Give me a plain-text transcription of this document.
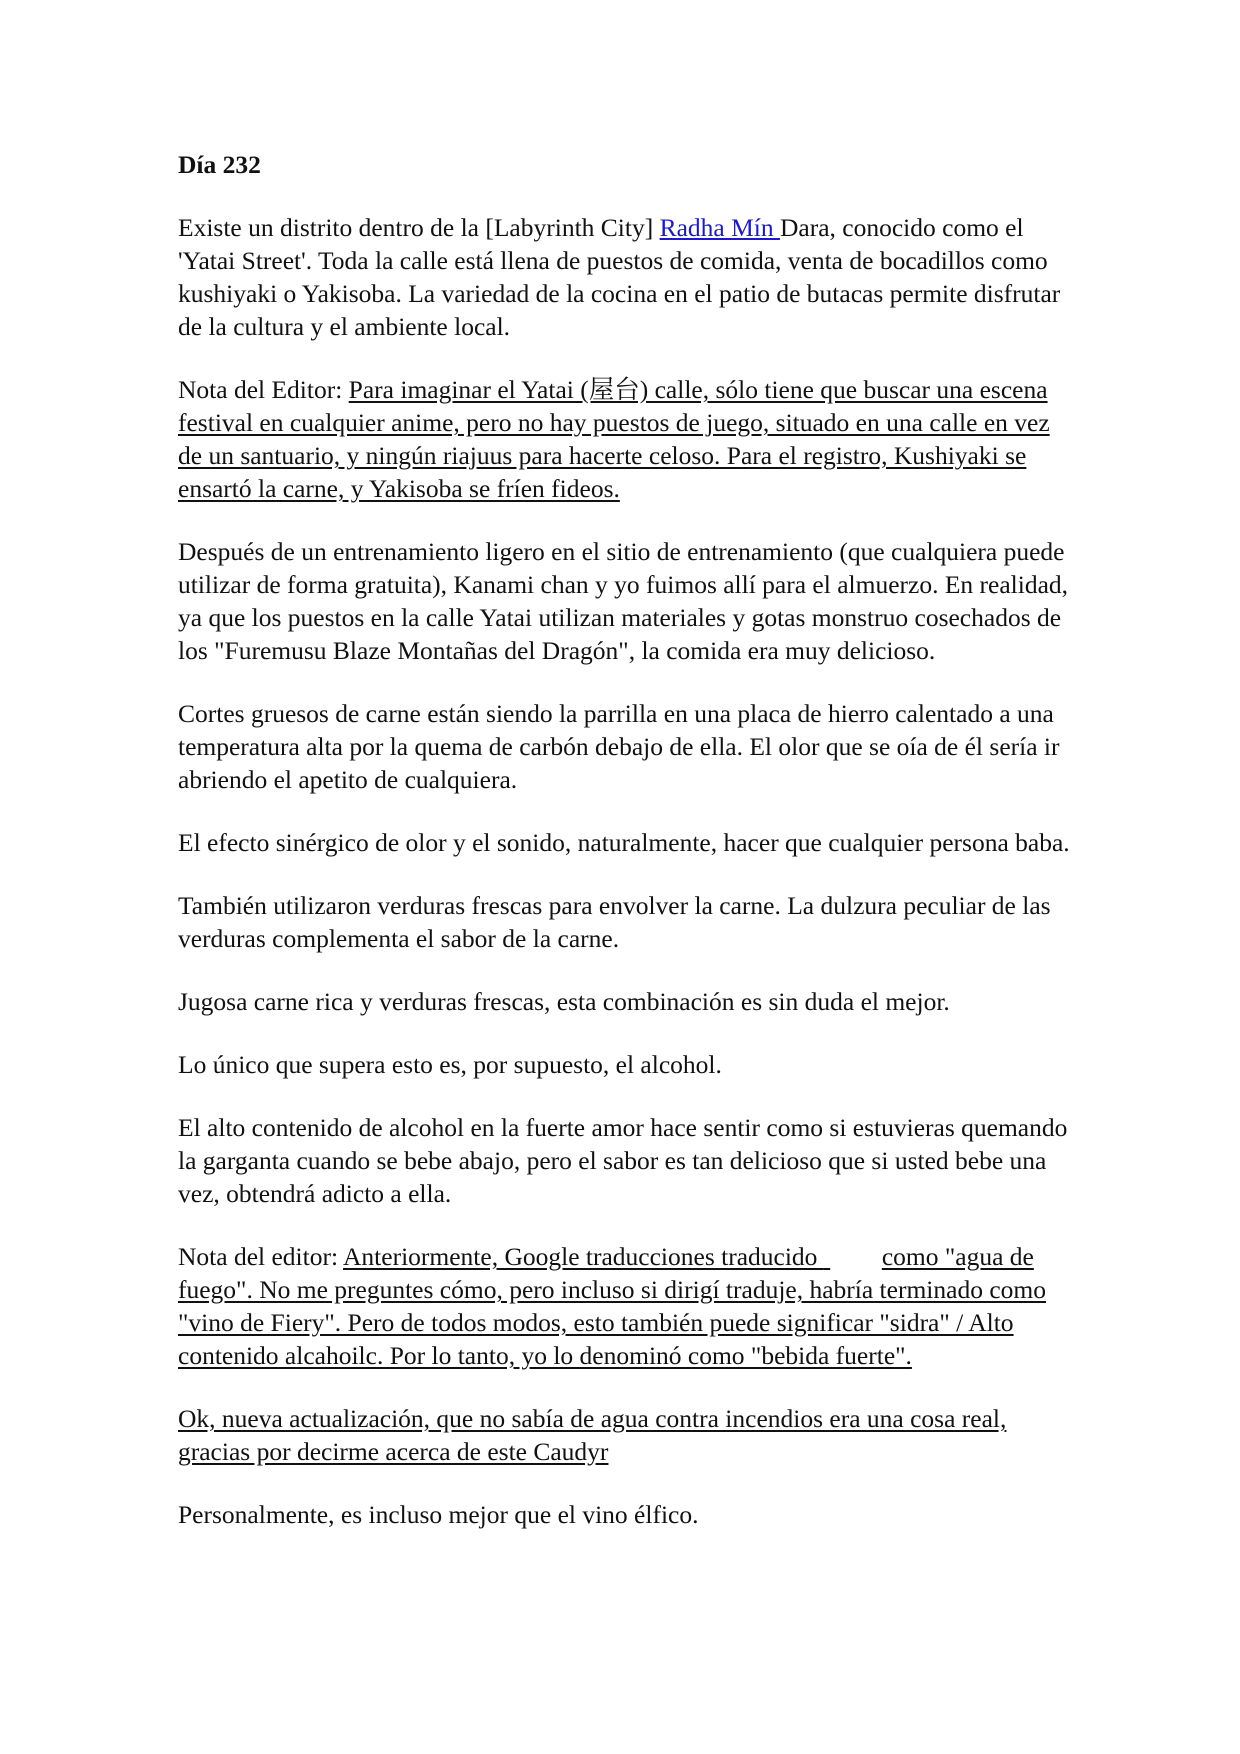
Día 232

Existe un distrito dentro de la [Labyrinth City] Radha Mín Dara, conocido como el 'Yatai Street'. Toda la calle está llena de puestos de comida, venta de bocadillos como kushiyaki o Yakisoba. La variedad de la cocina en el patio de butacas permite disfrutar de la cultura y el ambiente local.

Nota del Editor: Para imaginar el Yatai (屋台) calle, sólo tiene que buscar una escena festival en cualquier anime, pero no hay puestos de juego, situado en una calle en vez de un santuario, y ningún riajuus para hacerte celoso. Para el registro, Kushiyaki se ensartó la carne, y Yakisoba se fríen fideos.

Después de un entrenamiento ligero en el sitio de entrenamiento (que cualquiera puede utilizar de forma gratuita), Kanami chan y yo fuimos allí para el almuerzo. En realidad, ya que los puestos en la calle Yatai utilizan materiales y gotas monstruo cosechados de los "Furemusu Blaze Montañas del Dragón", la comida era muy delicioso.

Cortes gruesos de carne están siendo la parrilla en una placa de hierro calentado a una temperatura alta por la quema de carbón debajo de ella. El olor que se oía de él sería ir abriendo el apetito de cualquiera.

El efecto sinérgico de olor y el sonido, naturalmente, hacer que cualquier persona baba.

También utilizaron verduras frescas para envolver la carne. La dulzura peculiar de las verduras complementa el sabor de la carne.

Jugosa carne rica y verduras frescas, esta combinación es sin duda el mejor.

Lo único que supera esto es, por supuesto, el alcohol.

El alto contenido de alcohol en la fuerte amor hace sentir como si estuvieras quemando la garganta cuando se bebe abajo, pero el sabor es tan delicioso que si usted bebe una vez, obtendrá adicto a ella.

Nota del editor: Anteriormente, Google traducciones traducido  como "agua de fuego". No me preguntes cómo, pero incluso si dirigí traduje, habría terminado como "vino de Fiery". Pero de todos modos, esto también puede significar "sidra" / Alto contenido alcahoilc. Por lo tanto, yo lo denominó como "bebida fuerte".

Ok, nueva actualización, que no sabía de agua contra incendios era una cosa real, gracias por decirme acerca de este Caudyr

Personalmente, es incluso mejor que el vino élfico.
